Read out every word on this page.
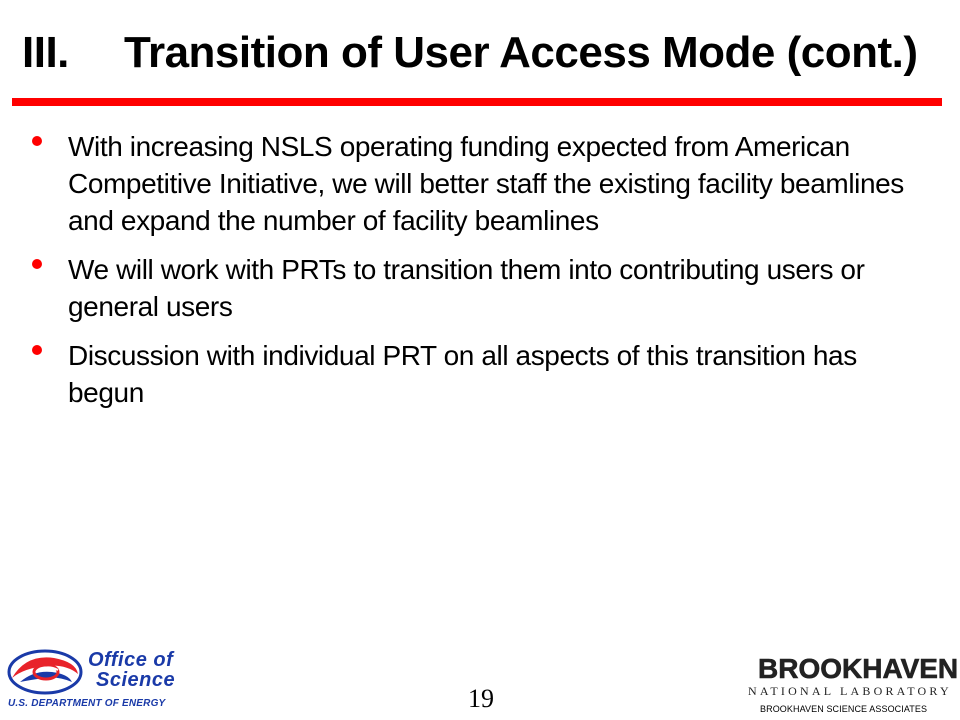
III.	Transition of User Access Mode (cont.)
With increasing NSLS operating funding expected from American Competitive Initiative, we will better staff the existing facility beamlines and expand the number of facility beamlines
We will work with PRTs to transition them into contributing users or general users
Discussion with individual PRT on all aspects of this transition has begun
Office of
Science
U.S. DEPARTMENT OF ENERGY	19
BROOKHAVEN
NATIONAL LABORATORY
BROOKHAVEN SCIENCE ASSOCIATES
